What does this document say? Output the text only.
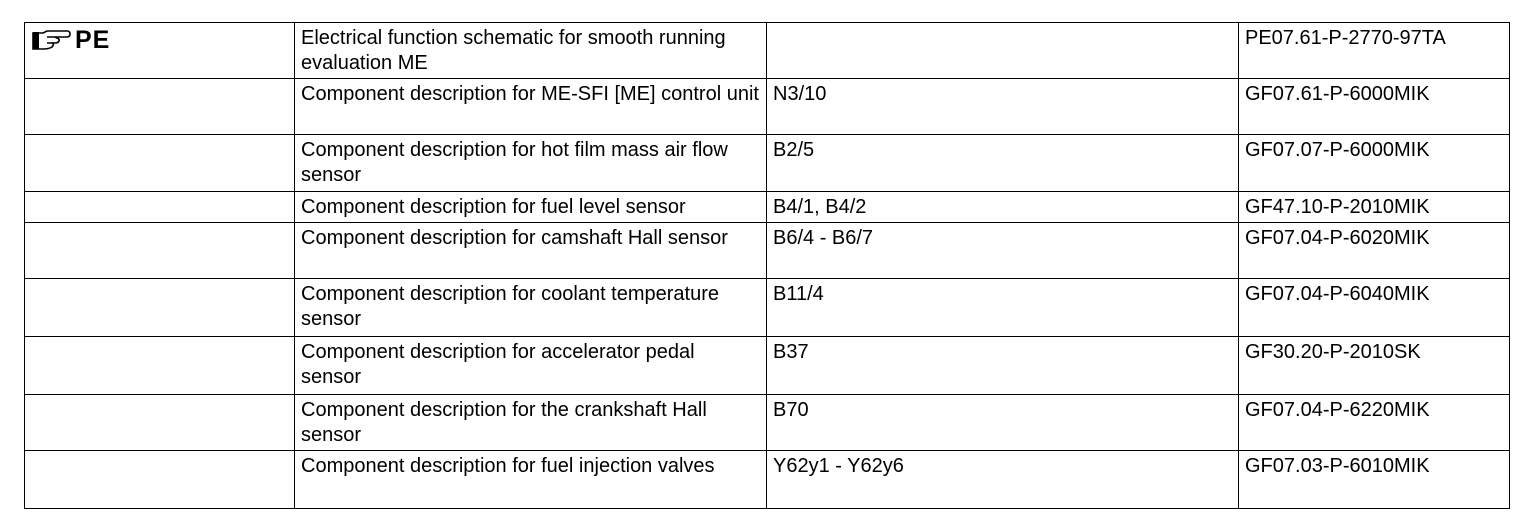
PE	Electrical function schematic for smooth running evaluation ME		PE07.61-P-2770-97TA
	Component description for ME-SFI [ME] control unit	N3/10	GF07.61-P-6000MIK
	Component description for hot film mass air flow sensor	B2/5	GF07.07-P-6000MIK
	Component description for fuel level sensor	B4/1, B4/2	GF47.10-P-2010MIK
	Component description for camshaft Hall sensor	B6/4 - B6/7	GF07.04-P-6020MIK
	Component description for coolant temperature sensor	B11/4	GF07.04-P-6040MIK
	Component description for accelerator pedal sensor	B37	GF30.20-P-2010SK
	Component description for the crankshaft Hall sensor	B70	GF07.04-P-6220MIK
	Component description for fuel injection valves	Y62y1 - Y62y6	GF07.03-P-6010MIK
